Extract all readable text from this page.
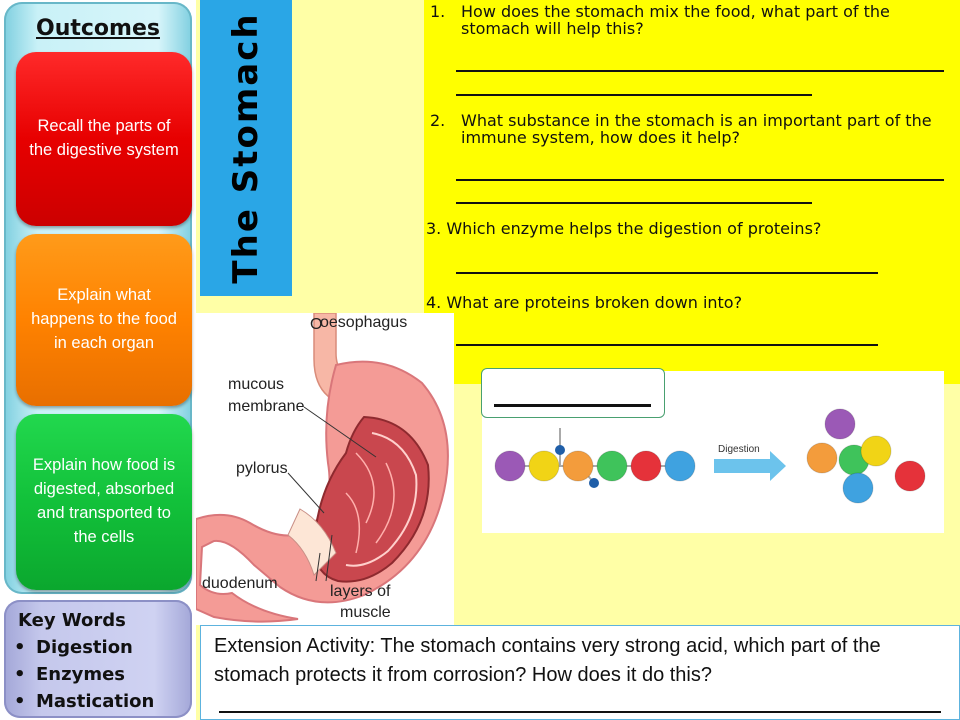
Outcomes
Recall the parts of the digestive system
Explain what happens to the food in each organ
Explain how food is digested, absorbed and transported to the cells
Key Words
• Digestion
• Enzymes
• Mastication
The Stomach
1. How does the stomach mix the food, what part of the stomach will help this?
2. What substance in the stomach is an important part of the immune system, how does it help?
3. Which enzyme helps the digestion of proteins?
4. What are proteins broken down into?
O
oesophagus
mucous
membrane
pylorus
duodenum	layers of
muscle
Digestion
Extension Activity: The stomach contains very strong acid, which part of the stomach protects it from corrosion? How does it do this?
